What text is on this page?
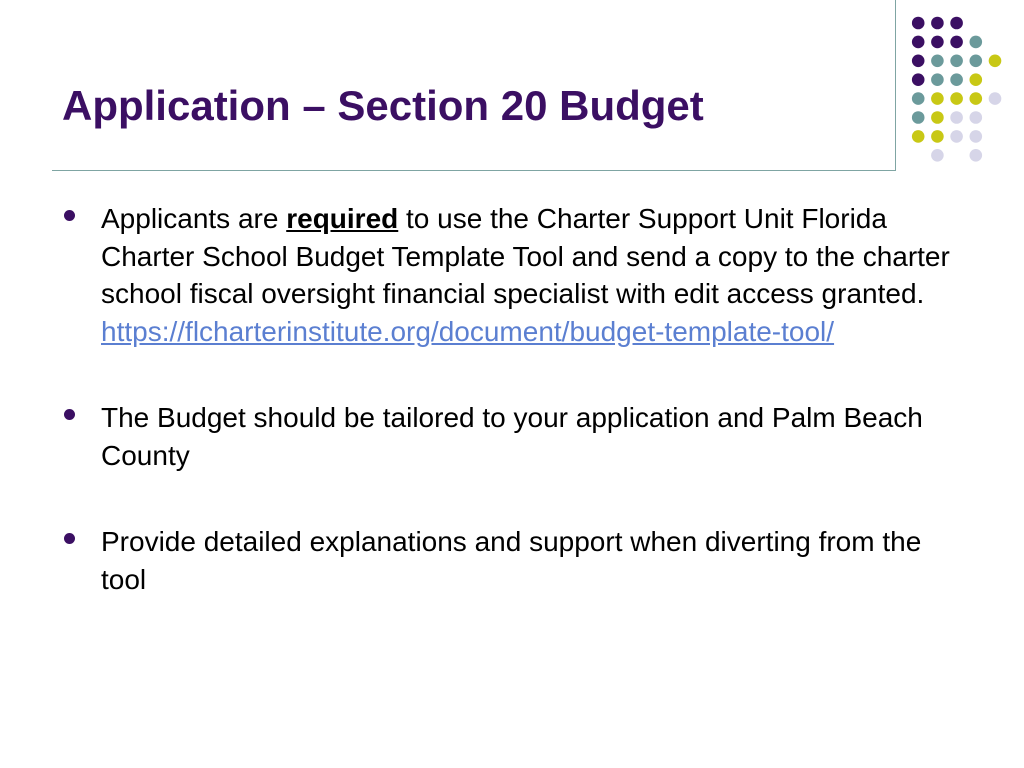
Application – Section 20 Budget
Applicants are required to use the Charter Support Unit Florida Charter School Budget Template Tool and send a copy to the charter school fiscal oversight financial specialist with edit access granted.
https://flcharterinstitute.org/document/budget-template-tool/
The Budget should be tailored to your application and Palm Beach County
Provide detailed explanations and support when diverting from the tool
